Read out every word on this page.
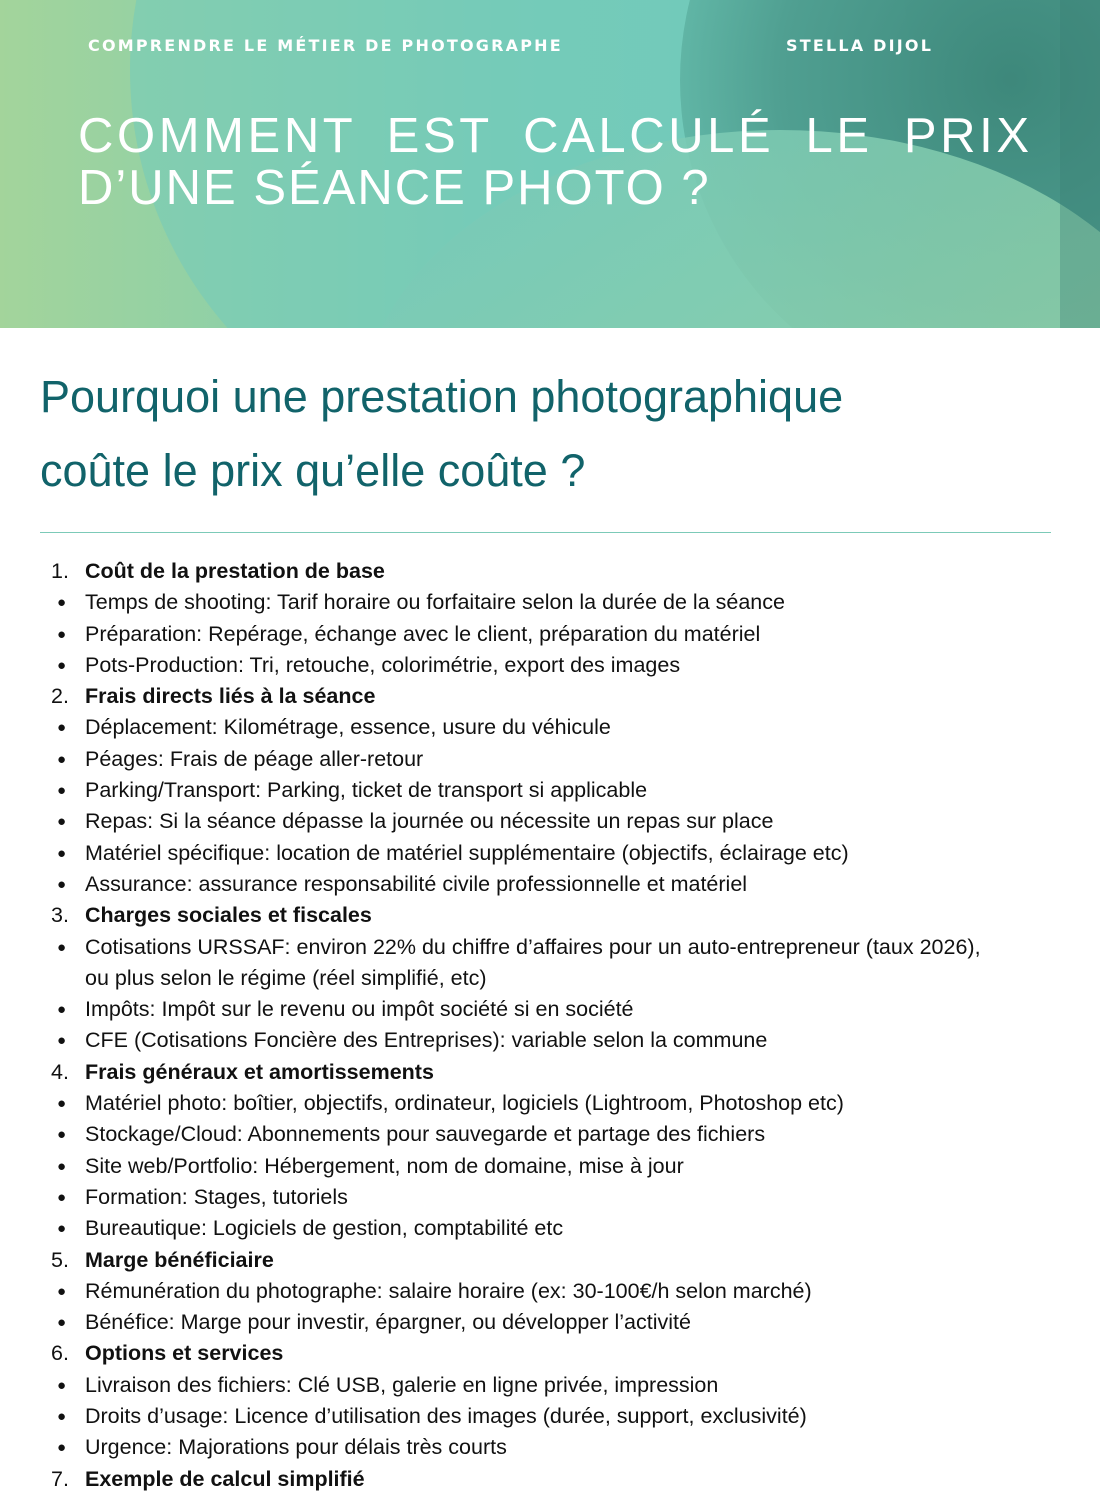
COMPRENDRE LE MÉTIER DE PHOTOGRAPHE	STELLA DIJOL
COMMENT EST CALCULÉ LE PRIX
D’UNE SÉANCE PHOTO ?
Pourquoi une prestation photographique
coûte le prix qu’elle coûte ?
1. Coût de la prestation de base
● Temps de shooting: Tarif horaire ou forfaitaire selon la durée de la séance
● Préparation: Repérage, échange avec le client, préparation du matériel
● Pots-Production: Tri, retouche, colorimétrie, export des images
2. Frais directs liés à la séance
● Déplacement: Kilométrage, essence, usure du véhicule
● Péages: Frais de péage aller-retour
● Parking/Transport: Parking, ticket de transport si applicable
● Repas: Si la séance dépasse la journée ou nécessite un repas sur place
● Matériel spécifique: location de matériel supplémentaire (objectifs, éclairage etc)
● Assurance: assurance responsabilité civile professionnelle et matériel
3. Charges sociales et fiscales
● Cotisations URSSAF: environ 22% du chiffre d’affaires pour un auto-entrepreneur (taux 2026),
ou plus selon le régime (réel simplifié, etc)
● Impôts: Impôt sur le revenu ou impôt société si en société
● CFE (Cotisations Foncière des Entreprises): variable selon la commune
4. Frais généraux et amortissements
● Matériel photo: boîtier, objectifs, ordinateur, logiciels (Lightroom, Photoshop etc)
● Stockage/Cloud: Abonnements pour sauvegarde et partage des fichiers
● Site web/Portfolio: Hébergement, nom de domaine, mise à jour
● Formation: Stages, tutoriels
● Bureautique: Logiciels de gestion, comptabilité etc
5. Marge bénéficiaire
● Rémunération du photographe: salaire horaire (ex: 30-100€/h selon marché)
● Bénéfice: Marge pour investir, épargner, ou développer l’activité
6. Options et services
● Livraison des fichiers: Clé USB, galerie en ligne privée, impression
● Droits d’usage: Licence d’utilisation des images (durée, support, exclusivité)
● Urgence: Majorations pour délais très courts
7. Exemple de calcul simplifié
